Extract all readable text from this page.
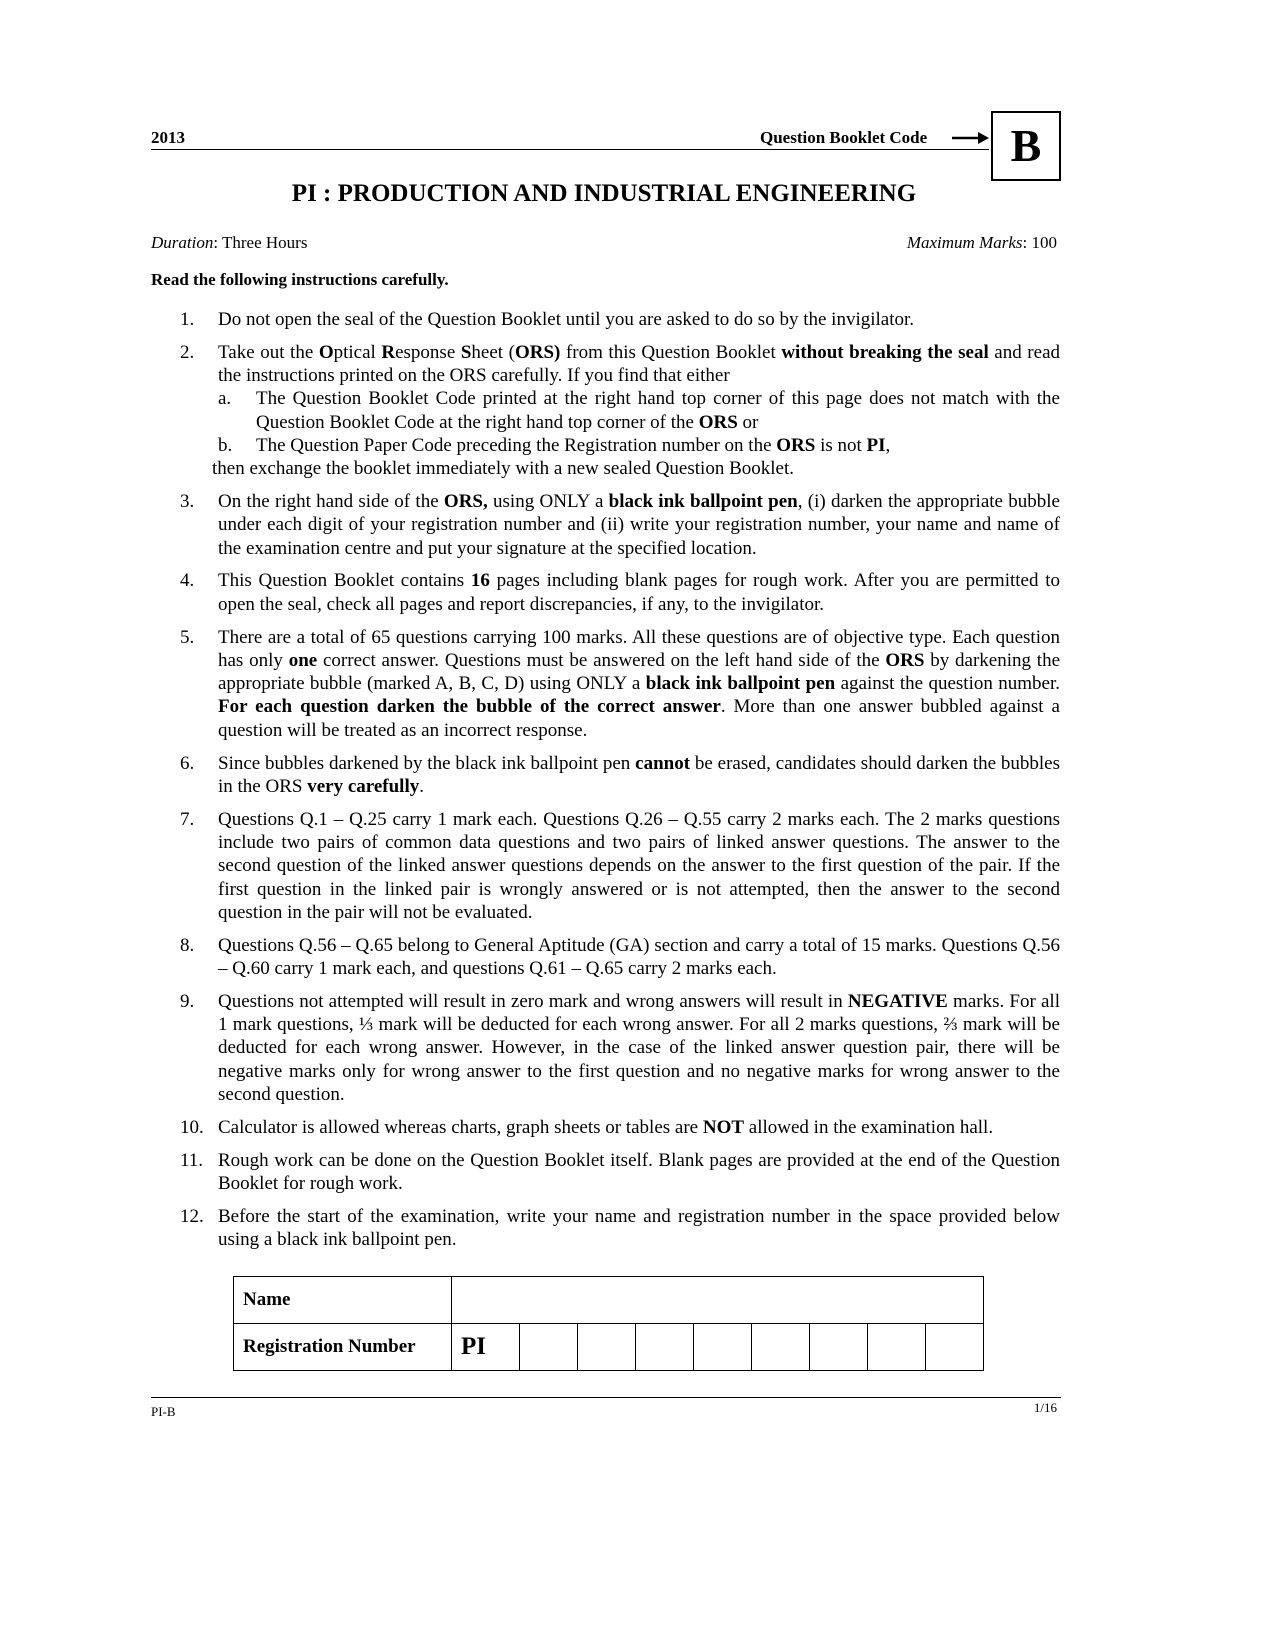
2013	Question Booklet Code	B
PI : PRODUCTION AND INDUSTRIAL ENGINEERING
Duration: Three Hours	Maximum Marks: 100
Read the following instructions carefully.
1.	Do not open the seal of the Question Booklet until you are asked to do so by the invigilator.
2.	Take out the Optical Response Sheet (ORS) from this Question Booklet without breaking the seal and read the instructions printed on the ORS carefully. If you find that either
a.	The Question Booklet Code printed at the right hand top corner of this page does not match with the Question Booklet Code at the right hand top corner of the ORS or
b.	The Question Paper Code preceding the Registration number on the ORS is not PI,
then exchange the booklet immediately with a new sealed Question Booklet.
3.	On the right hand side of the ORS, using ONLY a black ink ballpoint pen, (i) darken the appropriate bubble under each digit of your registration number and (ii) write your registration number, your name and name of the examination centre and put your signature at the specified location.
4.	This Question Booklet contains 16 pages including blank pages for rough work. After you are permitted to open the seal, check all pages and report discrepancies, if any, to the invigilator.
5.	There are a total of 65 questions carrying 100 marks. All these questions are of objective type. Each question has only one correct answer. Questions must be answered on the left hand side of the ORS by darkening the appropriate bubble (marked A, B, C, D) using ONLY a black ink ballpoint pen against the question number. For each question darken the bubble of the correct answer. More than one answer bubbled against a question will be treated as an incorrect response.
6.	Since bubbles darkened by the black ink ballpoint pen cannot be erased, candidates should darken the bubbles in the ORS very carefully.
7.	Questions Q.1 – Q.25 carry 1 mark each. Questions Q.26 – Q.55 carry 2 marks each. The 2 marks questions include two pairs of common data questions and two pairs of linked answer questions. The answer to the second question of the linked answer questions depends on the answer to the first question of the pair. If the first question in the linked pair is wrongly answered or is not attempted, then the answer to the second question in the pair will not be evaluated.
8.	Questions Q.56 – Q.65 belong to General Aptitude (GA) section and carry a total of 15 marks. Questions Q.56 – Q.60 carry 1 mark each, and questions Q.61 – Q.65 carry 2 marks each.
9.	Questions not attempted will result in zero mark and wrong answers will result in NEGATIVE marks. For all 1 mark questions, ⅓ mark will be deducted for each wrong answer. For all 2 marks questions, ⅔ mark will be deducted for each wrong answer. However, in the case of the linked answer question pair, there will be negative marks only for wrong answer to the first question and no negative marks for wrong answer to the second question.
10. Calculator is allowed whereas charts, graph sheets or tables are NOT allowed in the examination hall.
11. Rough work can be done on the Question Booklet itself. Blank pages are provided at the end of the Question Booklet for rough work.
12. Before the start of the examination, write your name and registration number in the space provided below using a black ink ballpoint pen.
Name									
Registration Number	PI								
PI-B	1/16
